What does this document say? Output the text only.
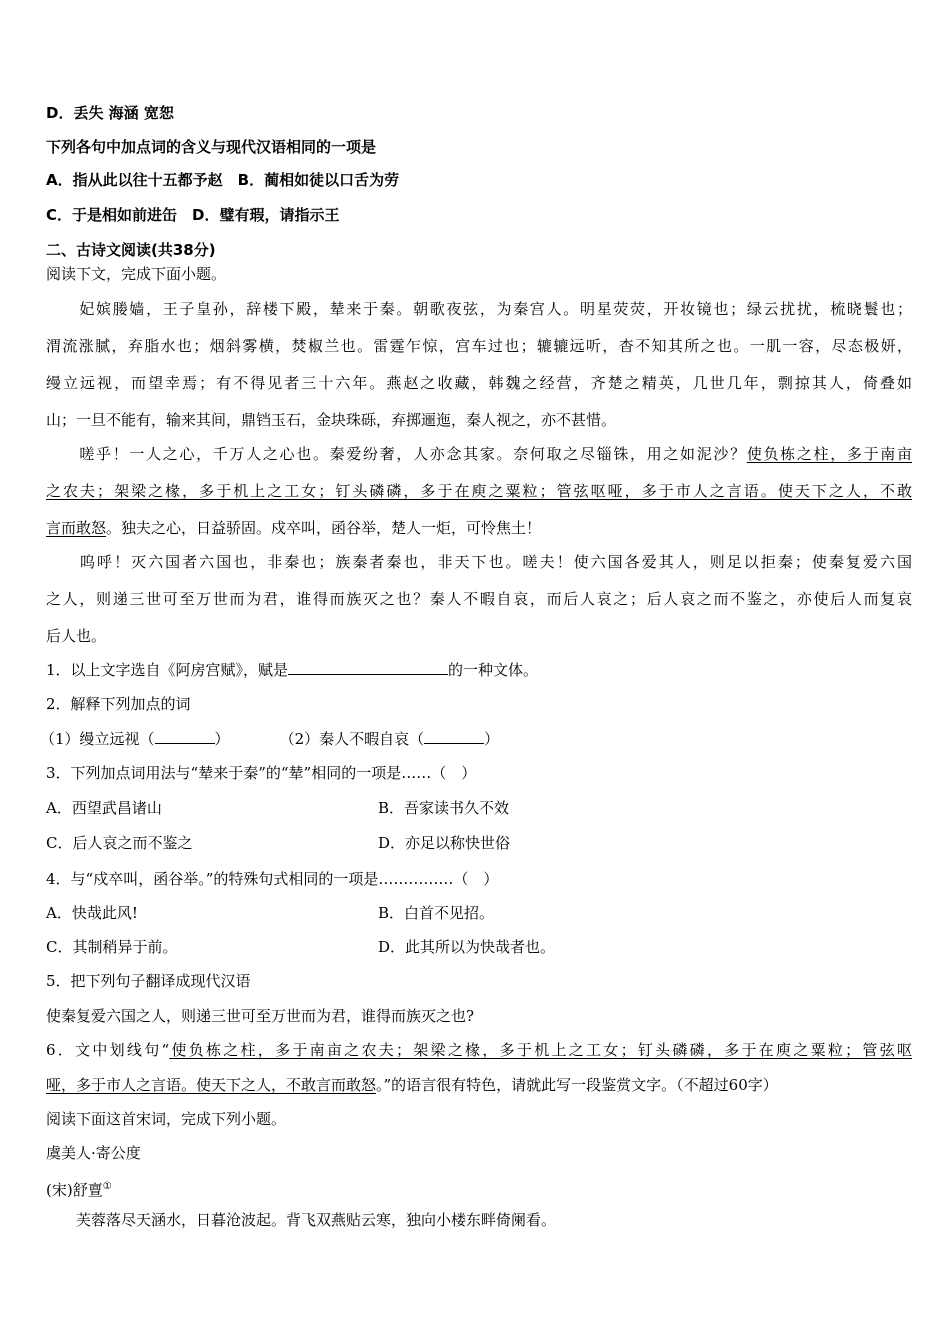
D．丢失 海涵 宽恕
下列各句中加点词的含义与现代汉语相同的一项是
A．指从此以往十五都予赵　 B．蔺相如徒以口舌为劳
C．于是相如前进缶　 D．璧有瑕，请指示王
二、古诗文阅读(共38分)
阅读下文，完成下面小题。
　　妃嫔媵嫱，王子皇孙，辞楼下殿，辇来于秦。朝歌夜弦，为秦宫人。明星荧荧，开妆镜也；绿云扰扰，梳晓鬟也；
渭流涨腻，弃脂水也；烟斜雾横，焚椒兰也。雷霆乍惊，宫车过也；辘辘远听，杳不知其所之也。一肌一容，尽态极妍，
缦立远视，而望幸焉；有不得见者三十六年。燕赵之收藏，韩魏之经营，齐楚之精英，几世几年，剽掠其人，倚叠如
山；一旦不能有，输来其间，鼎铛玉石，金块珠砾，弃掷逦迤，秦人视之，亦不甚惜。
　　嗟乎！一人之心，千万人之心也。秦爱纷奢，人亦念其家。奈何取之尽锱铢，用之如泥沙？使负栋之柱，多于南亩
之农夫；架梁之椽，多于机上之工女；钉头磷磷，多于在庾之粟粒；管弦呕哑，多于市人之言语。使天下之人，不敢
言而敢怒。独夫之心，日益骄固。戍卒叫，函谷举，楚人一炬，可怜焦土！
　　呜呼！灭六国者六国也，非秦也；族秦者秦也，非天下也。嗟夫！使六国各爱其人，则足以拒秦；使秦复爱六国
之人，则递三世可至万世而为君，谁得而族灭之也？秦人不暇自哀，而后人哀之；后人哀之而不鉴之，亦使后人而复哀
后人也。
1．以上文字选自《阿房宫赋》，赋是	的一种文体。
2．解释下列加点的词
（1）缦立远视（	）	（2）秦人不暇自哀（	）
3．下列加点词用法与“辇来于秦”的“辇”相同的一项是……（　）
A．西望武昌诸山	B．吾家读书久不效
C．后人哀之而不鉴之	D．亦足以称快世俗
4．与“戍卒叫，函谷举。”的特殊句式相同的一项是……………（　）
A．快哉此风!	B．白首不见招。
C．其制稍异于前。	D．此其所以为快哉者也。
5．把下列句子翻译成现代汉语
使秦复爱六国之人，则递三世可至万世而为君，谁得而族灭之也?
6．文中划线句“使负栋之柱，多于南亩之农夫；架梁之椽，多于机上之工女；钉头磷磷，多于在庾之粟粒；管弦呕
哑，多于市人之言语。使天下之人，不敢言而敢怒。”的语言很有特色，请就此写一段鉴赏文字。（不超过60字）
阅读下面这首宋词，完成下列小题。
虞美人·寄公度
(宋)舒亶①
　　芙蓉落尽天涵水，日暮沧波起。背飞双燕贴云寒，独向小楼东畔倚阑看。
